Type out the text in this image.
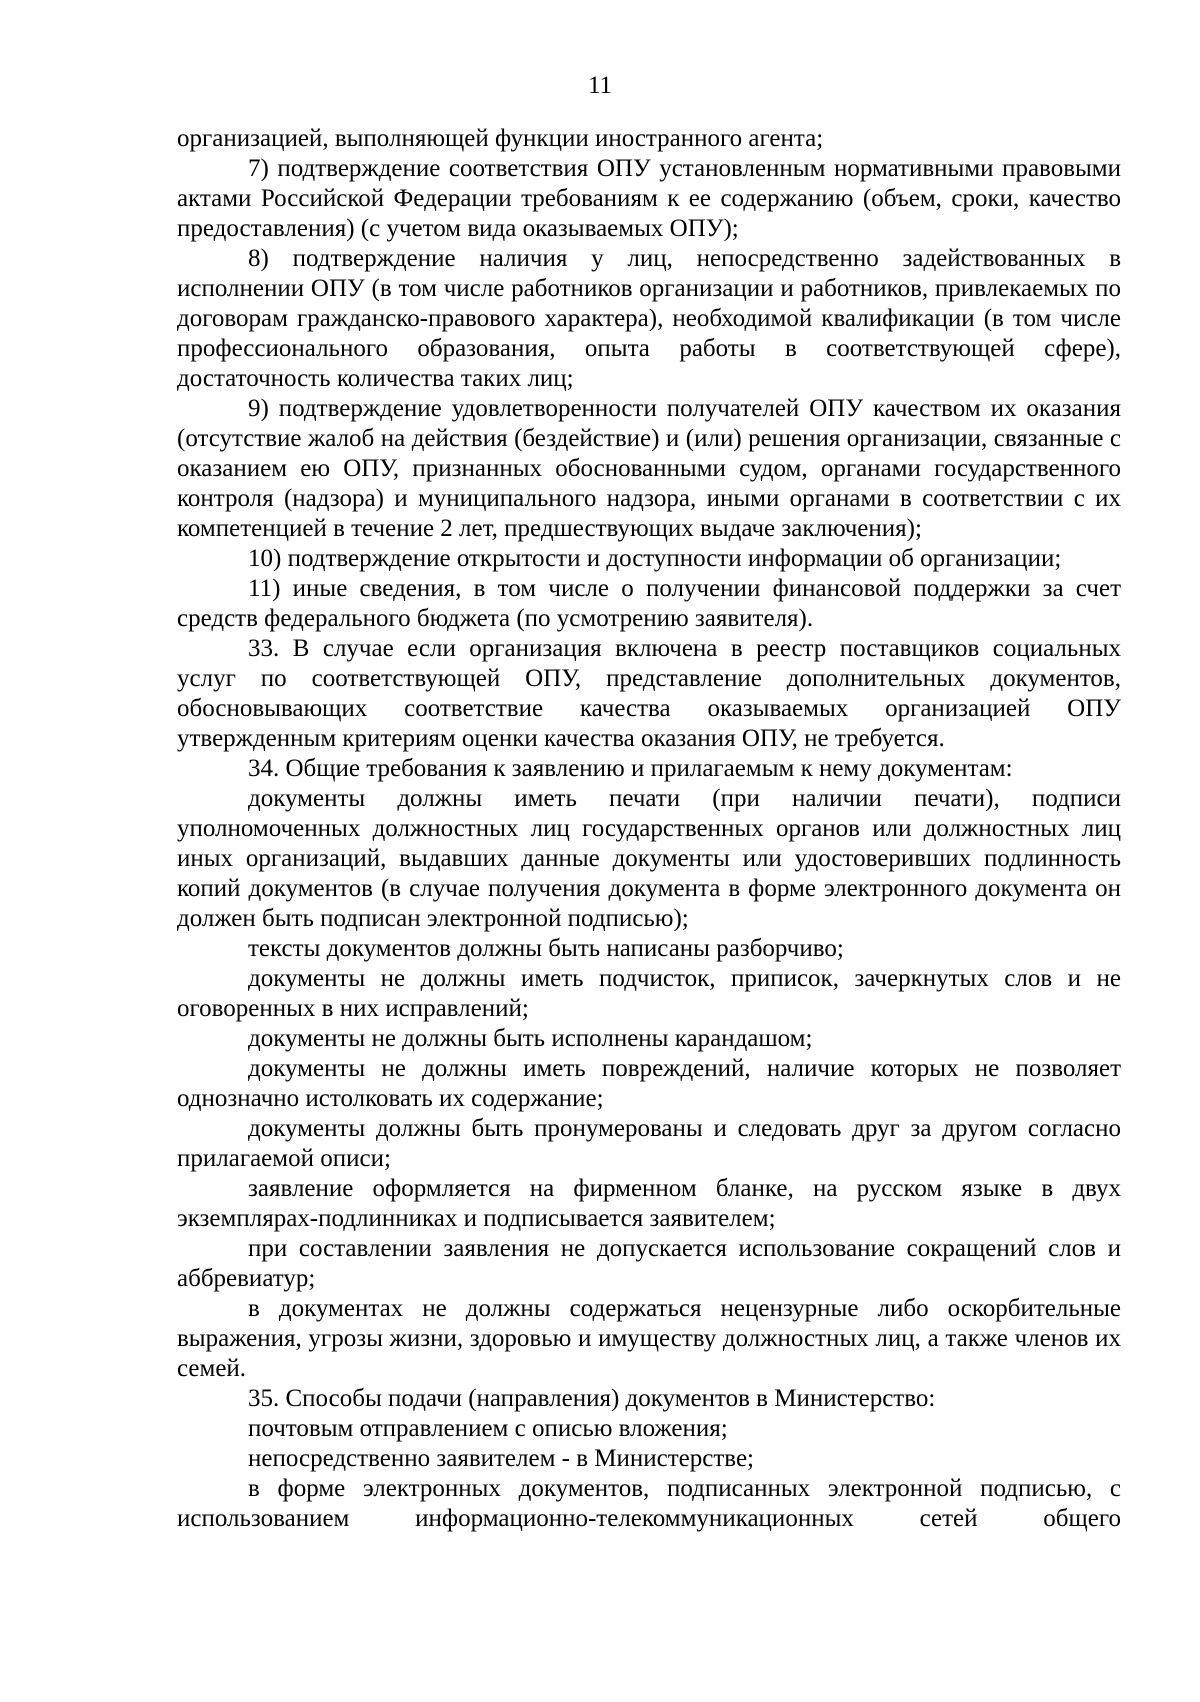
11

организацией, выполняющей функции иностранного агента;

7) подтверждение соответствия ОПУ установленным нормативными правовыми актами Российской Федерации требованиям к ее содержанию (объем, сроки, качество предоставления) (с учетом вида оказываемых ОПУ);

8) подтверждение наличия у лиц, непосредственно задействованных в исполнении ОПУ (в том числе работников организации и работников, привлекаемых по договорам гражданско-правового характера), необходимой квалификации (в том числе профессионального образования, опыта работы в соответствующей сфере), достаточность количества таких лиц;

9) подтверждение удовлетворенности получателей ОПУ качеством их оказания (отсутствие жалоб на действия (бездействие) и (или) решения организации, связанные с оказанием ею ОПУ, признанных обоснованными судом, органами государственного контроля (надзора) и муниципального надзора, иными органами в соответствии с их компетенцией в течение 2 лет, предшествующих выдаче заключения);

10) подтверждение открытости и доступности информации об организации;

11) иные сведения, в том числе о получении финансовой поддержки за счет средств федерального бюджета (по усмотрению заявителя).

33. В случае если организация включена в реестр поставщиков социальных услуг по соответствующей ОПУ, представление дополнительных документов, обосновывающих соответствие качества оказываемых организацией ОПУ утвержденным критериям оценки качества оказания ОПУ, не требуется.

34. Общие требования к заявлению и прилагаемым к нему документам:

документы должны иметь печати (при наличии печати), подписи уполномоченных должностных лиц государственных органов или должностных лиц иных организаций, выдавших данные документы или удостоверивших подлинность копий документов (в случае получения документа в форме электронного документа он должен быть подписан электронной подписью);

тексты документов должны быть написаны разборчиво;

документы не должны иметь подчисток, приписок, зачеркнутых слов и не оговоренных в них исправлений;

документы не должны быть исполнены карандашом;

документы не должны иметь повреждений, наличие которых не позволяет однозначно истолковать их содержание;

документы должны быть пронумерованы и следовать друг за другом согласно прилагаемой описи;

заявление оформляется на фирменном бланке, на русском языке в двух экземплярах-подлинниках и подписывается заявителем;

при составлении заявления не допускается использование сокращений слов и аббревиатур;

в документах не должны содержаться нецензурные либо оскорбительные выражения, угрозы жизни, здоровью и имуществу должностных лиц, а также членов их семей.

35. Способы подачи (направления) документов в Министерство:

почтовым отправлением с описью вложения;

непосредственно заявителем - в Министерстве;

в форме электронных документов, подписанных электронной подписью, с использованием информационно-телекоммуникационных сетей общего
